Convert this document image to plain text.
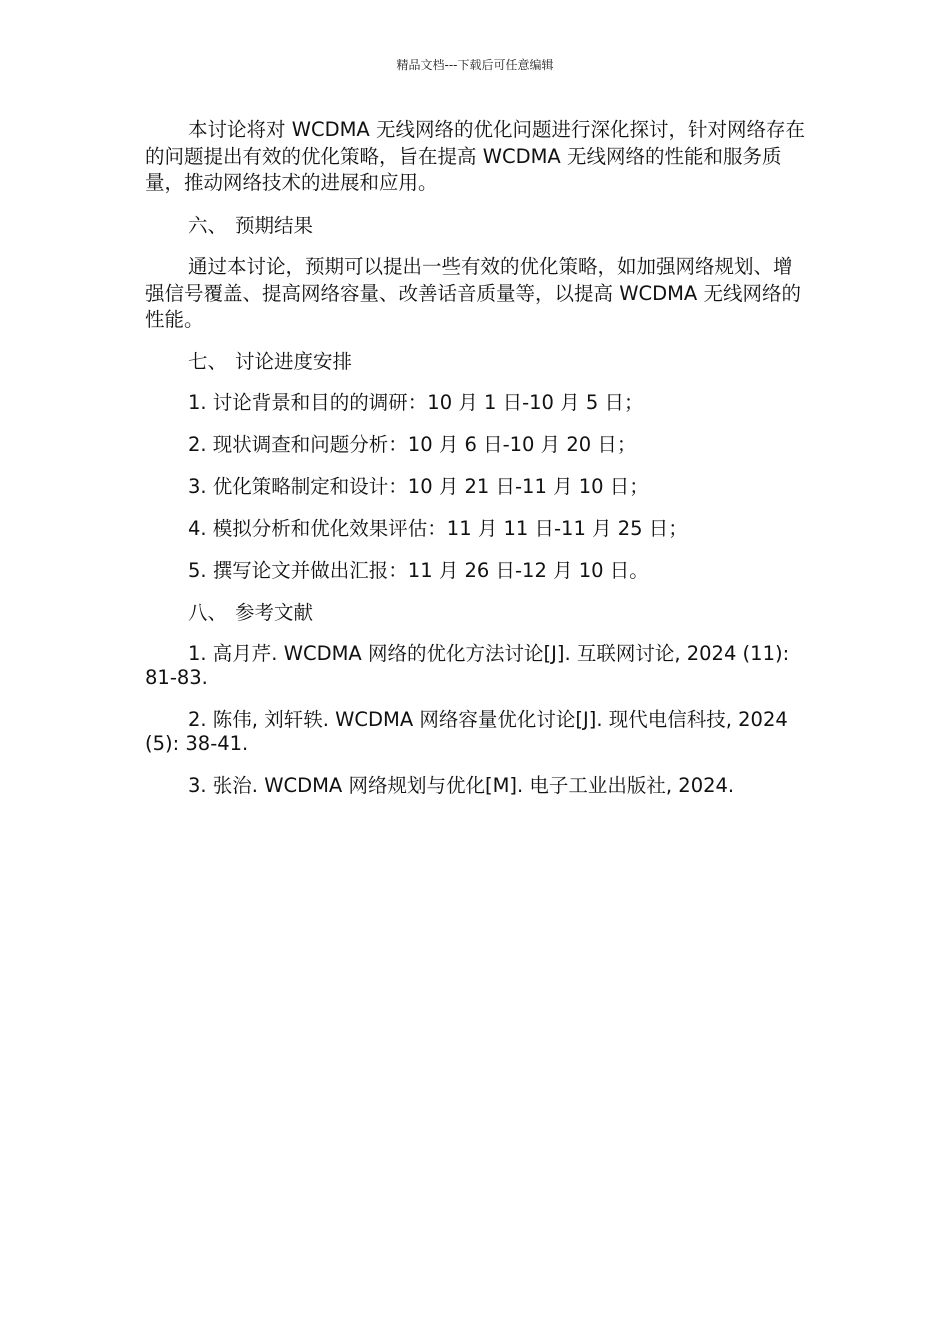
精品文档---下载后可任意编辑

本讨论将对 WCDMA 无线网络的优化问题进行深化探讨，针对网络存在的问题提出有效的优化策略，旨在提高 WCDMA 无线网络的性能和服务质量，推动网络技术的进展和应用。

六、 预期结果

通过本讨论，预期可以提出一些有效的优化策略，如加强网络规划、增强信号覆盖、提高网络容量、改善话音质量等，以提高 WCDMA 无线网络的性能。

七、 讨论进度安排
1. 讨论背景和目的的调研：10 月 1 日-10 月 5 日；
2. 现状调查和问题分析：10 月 6 日-10 月 20 日；
3. 优化策略制定和设计：10 月 21 日-11 月 10 日；
4. 模拟分析和优化效果评估：11 月 11 日-11 月 25 日；
5. 撰写论文并做出汇报：11 月 26 日-12 月 10 日。
八、 参考文献

1. 高月芹. WCDMA 网络的优化方法讨论[J]. 互联网讨论, 2024 (11): 81-83.

2. 陈伟, 刘轩轶. WCDMA 网络容量优化讨论[J]. 现代电信科技, 2024 (5): 38-41.

3. 张治. WCDMA 网络规划与优化[M]. 电子工业出版社, 2024.
